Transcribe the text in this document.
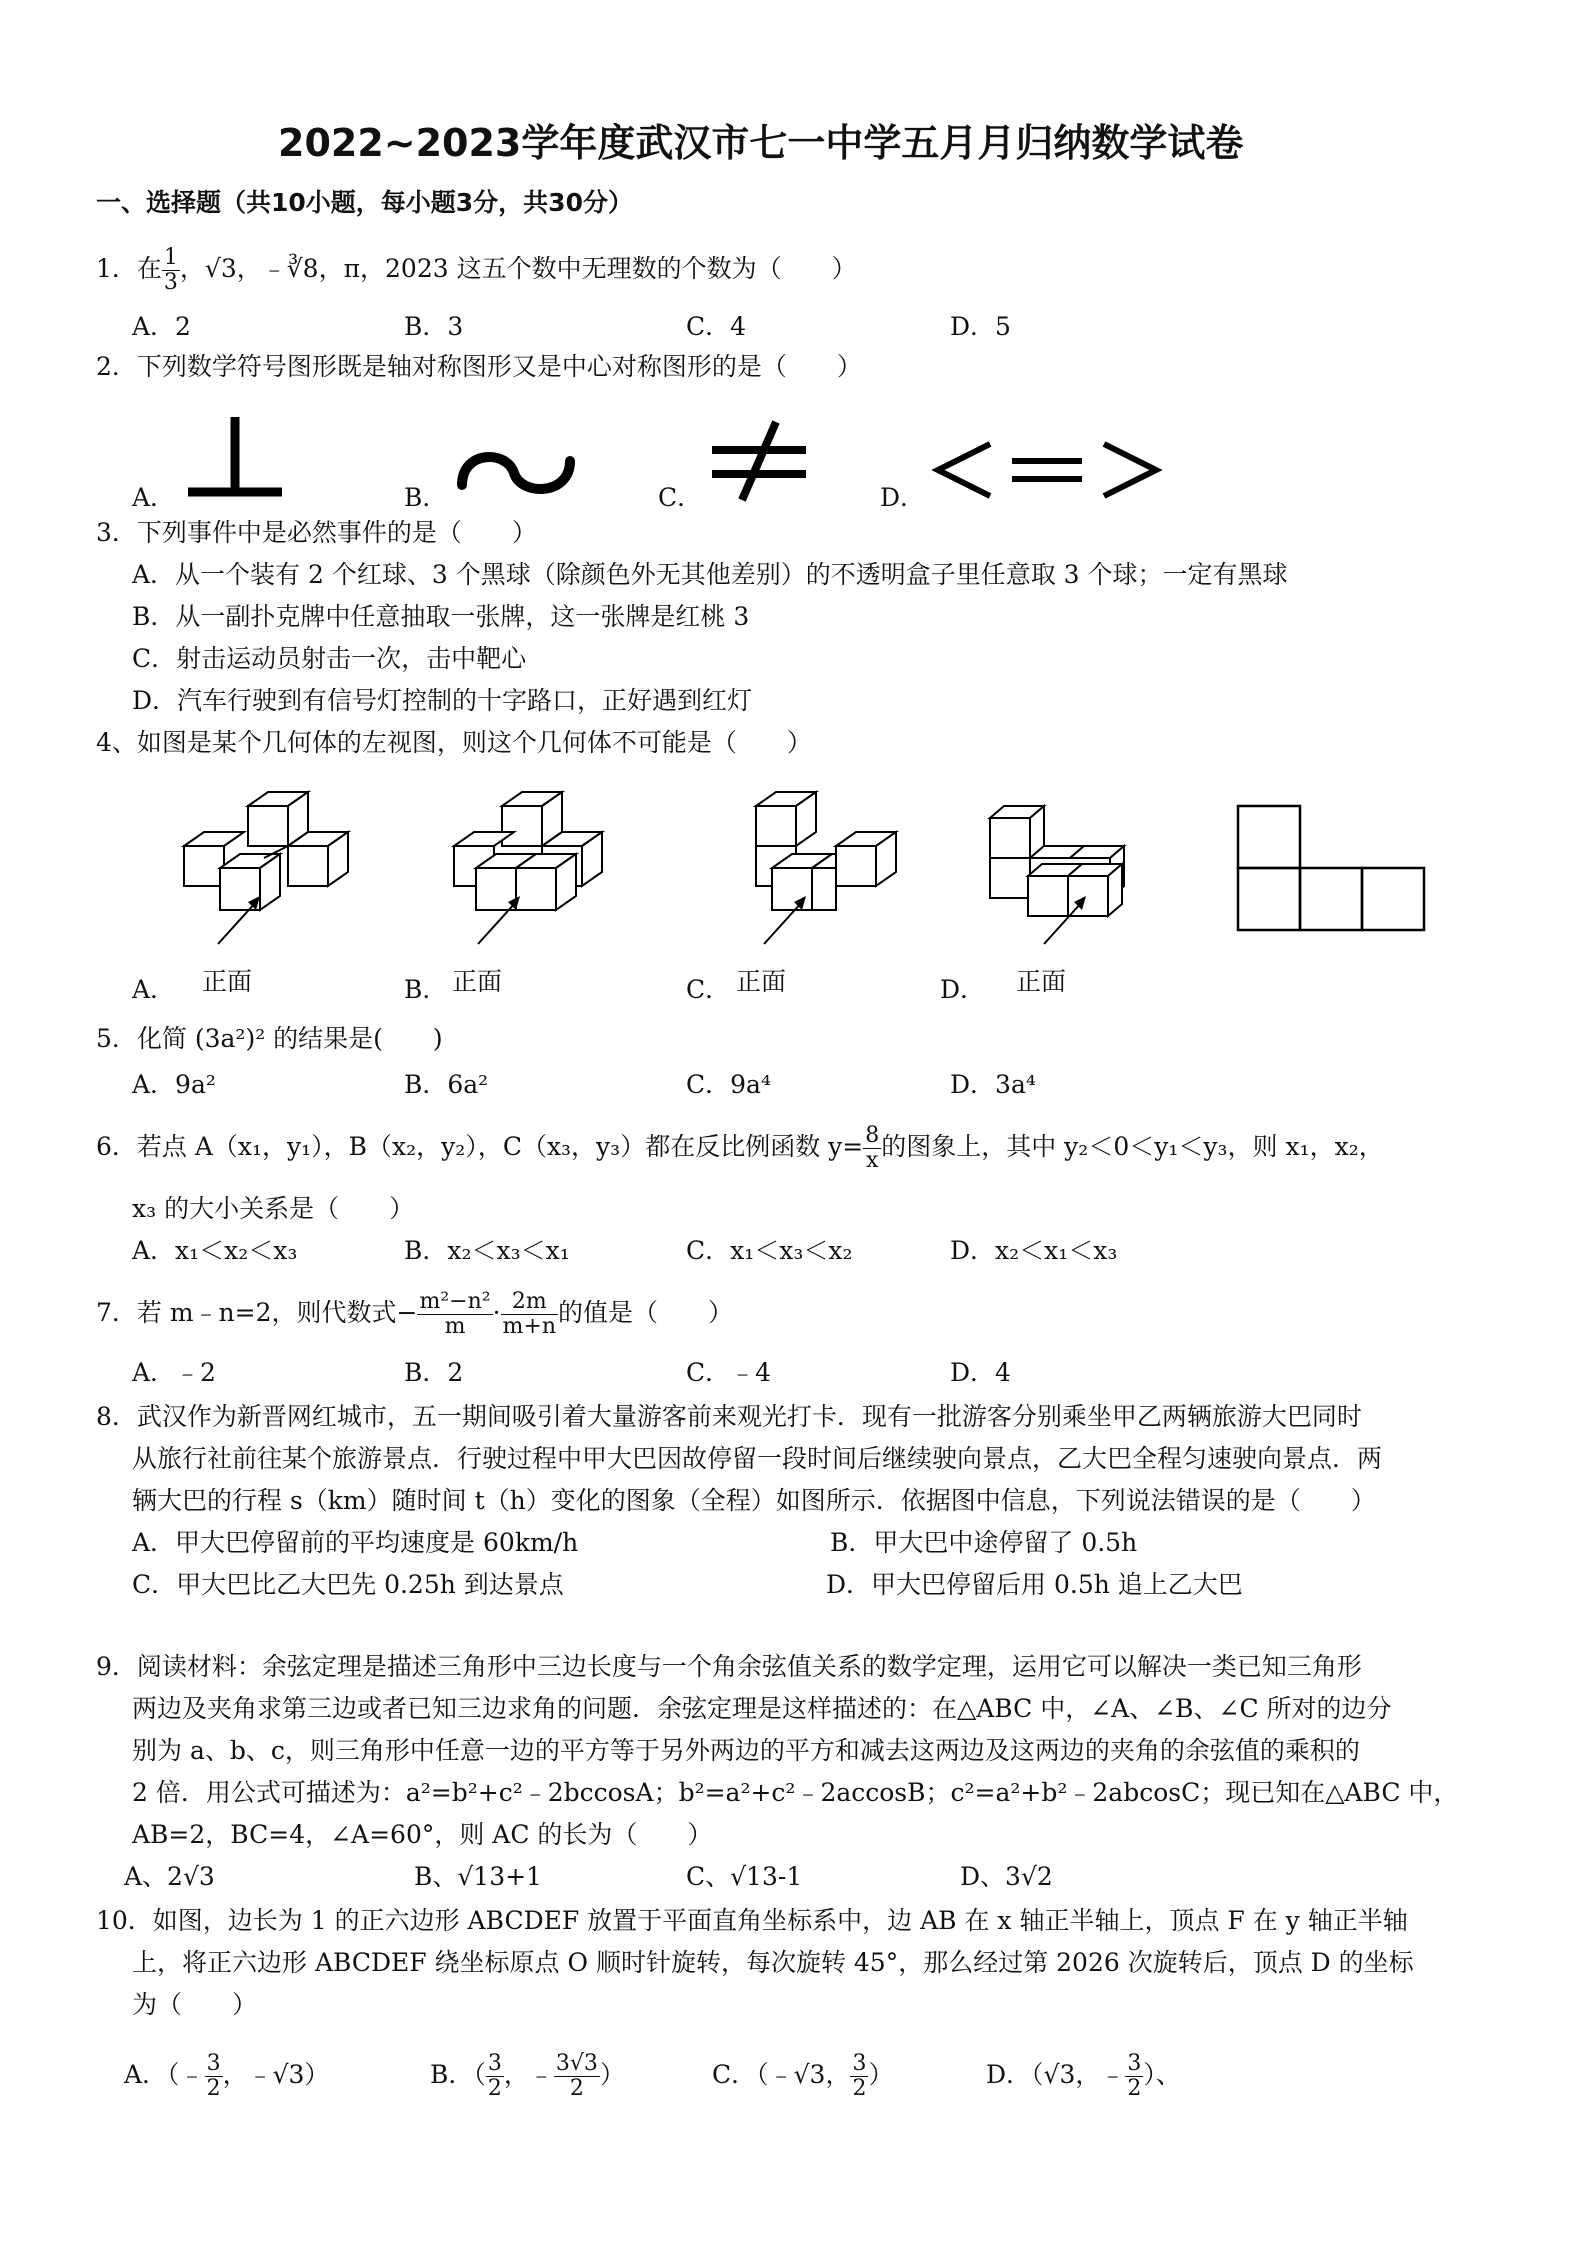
2022~2023学年度武汉市七一中学五月月归纳数学试卷
一、选择题（共10小题，每小题3分，共30分）
1．在 $\frac{1}{3}$ ，√3，﹣∛8，π，2023 这五个数中无理数的个数为（　　）
A．2	B．3	C．4	D．5
2．下列数学符号图形既是轴对称图形又是中心对称图形的是（　　）
A．	B．	C．	D．
3．下列事件中是必然事件的是（　　）
A．从一个装有 2 个红球、3 个黑球（除颜色外无其他差别）的不透明盒子里任意取 3 个球；一定有黑球
B．从一副扑克牌中任意抽取一张牌，这一张牌是红桃 3
C．射击运动员射击一次，击中靶心
D．汽车行驶到有信号灯控制的十字路口，正好遇到红灯
4、如图是某个几何体的左视图，则这个几何体不可能是（　　）
A． 正面	B． 正面	C． 正面	D． 正面
5．化简 (3a²)² 的结果是(　　)
A．9a²	B．6a²	C．9a⁴	D．3a⁴
6．若点 A（x₁，y₁），B（x₂，y₂），C（x₃，y₃）都在反比例函数 $y= \frac{8}{x}$ 的图象上，其中 y₂＜0＜y₁＜y₃，则 x₁，x₂，
x₃ 的大小关系是（　　）
A．x₁＜x₂＜x₃	B．x₂＜x₃＜x₁	C．x₁＜x₃＜x₂	D．x₂＜x₁＜x₃
7．若 m﹣n=2，则代数式− $\frac{\text{m²−n²}}{m} \cdot \frac{2m}{m+n}$ 的值是（　　）
A．﹣2	B．2	C．﹣4	D．4
8．武汉作为新晋网红城市，五一期间吸引着大量游客前来观光打卡．现有一批游客分别乘坐甲乙两辆旅游大巴同时
从旅行社前往某个旅游景点．行驶过程中甲大巴因故停留一段时间后继续驶向景点，乙大巴全程匀速驶向景点．两
辆大巴的行程 s（km）随时间 t（h）变化的图象（全程）如图所示．依据图中信息，下列说法错误的是（　　）
A．甲大巴停留前的平均速度是 60km/h	B．甲大巴中途停留了 0.5h
C．甲大巴比乙大巴先 0.25h 到达景点	D．甲大巴停留后用 0.5h 追上乙大巴
9．阅读材料：余弦定理是描述三角形中三边长度与一个角余弦值关系的数学定理，运用它可以解决一类已知三角形
两边及夹角求第三边或者已知三边求角的问题．余弦定理是这样描述的：在△ABC 中，∠A、∠B、∠C 所对的边分
别为 a、b、c，则三角形中任意一边的平方等于另外两边的平方和减去这两边及这两边的夹角的余弦值的乘积的
2 倍．用公式可描述为：a²=b²+c²﹣2bccosA；b²=a²+c²﹣2accosB；c²=a²+b²﹣2abcosC；现已知在△ABC 中，
AB=2，BC=4，∠A=60°，则 AC 的长为（　　）
A、2√3	B、√13+1	C、√13-1	D、3√2
10．如图，边长为 1 的正六边形 ABCDEF 放置于平面直角坐标系中，边 AB 在 x 轴正半轴上，顶点 F 在 y 轴正半轴
上，将正六边形 ABCDEF 绕坐标原点 O 顺时针旋转，每次旋转 45°，那么经过第 2026 次旋转后，顶点 D 的坐标
为（　　）
A．（﹣ $\frac{3}{2}$ ，﹣√3）	B．（ $\frac{3}{2}$ ，﹣ $\frac{3√3}{2}$ ）	C．（﹣√3， $\frac{3}{2}$ ）	D．（√3，﹣ $\frac{3}{2}$ ）、
